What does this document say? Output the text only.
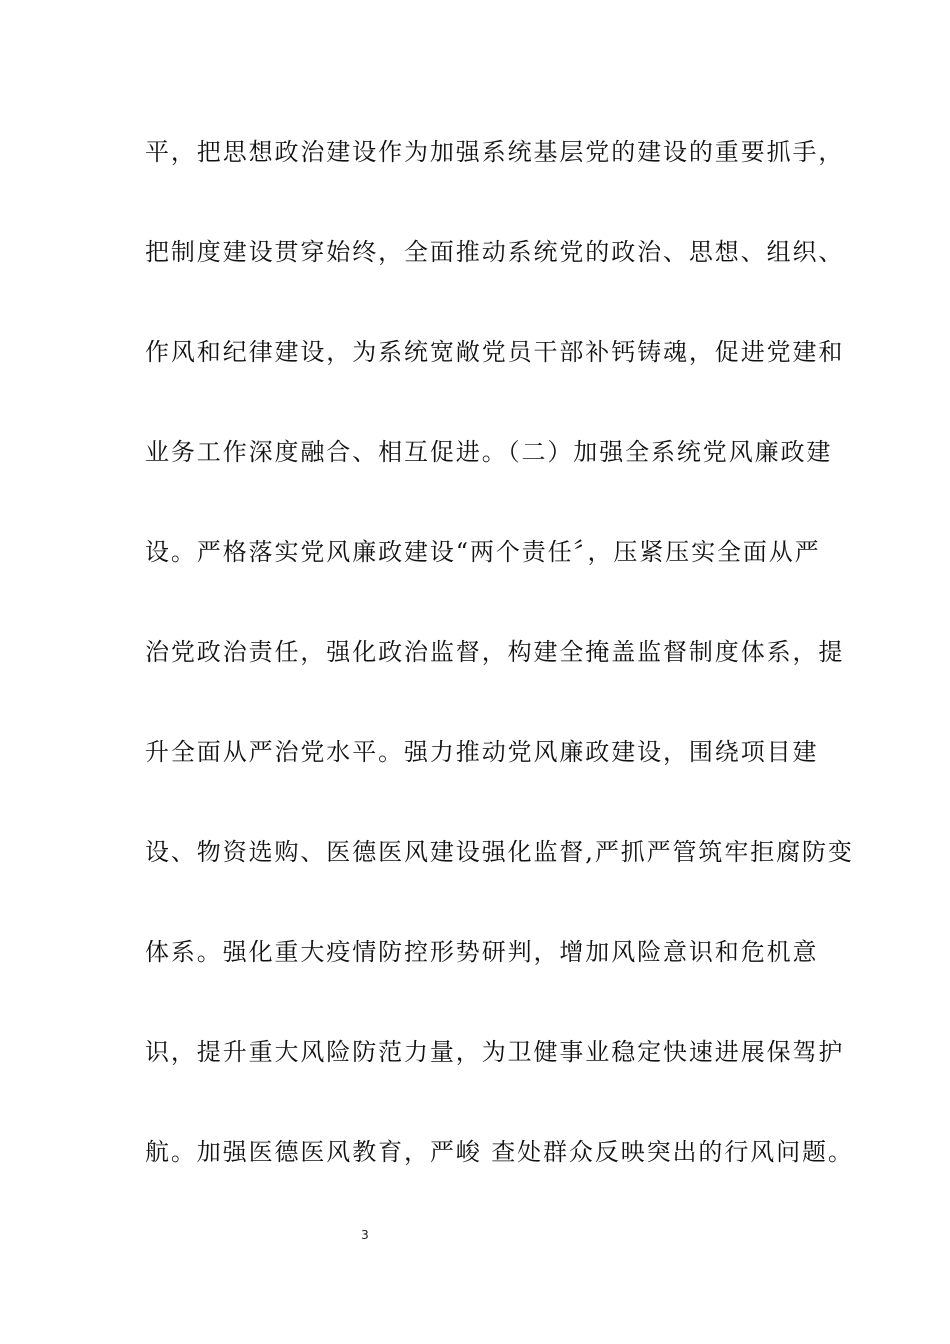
平，把思想政治建设作为加强系统基层党的建设的重要抓手，
把制度建设贯穿始终，全面推动系统党的政治、思想、组织、
作风和纪律建设，为系统宽敞党员干部补钙铸魂，促进党建和
业务工作深度融合、相互促进。（二）加强全系统党风廉政建
设。严格落实党风廉政建设“两个责任〞，压紧压实全面从严
治党政治责任，强化政治监督，构建全掩盖监督制度体系，提
升全面从严治党水平。强力推动党风廉政建设，围绕项目建
设、物资选购、医德医风建设强化监督,严抓严管筑牢拒腐防变
体系。强化重大疫情防控形势研判，增加风险意识和危机意
识，提升重大风险防范力量，为卫健事业稳定快速进展保驾护
航。加强医德医风教育，严峻 查处群众反映突出的行风问题。
3
